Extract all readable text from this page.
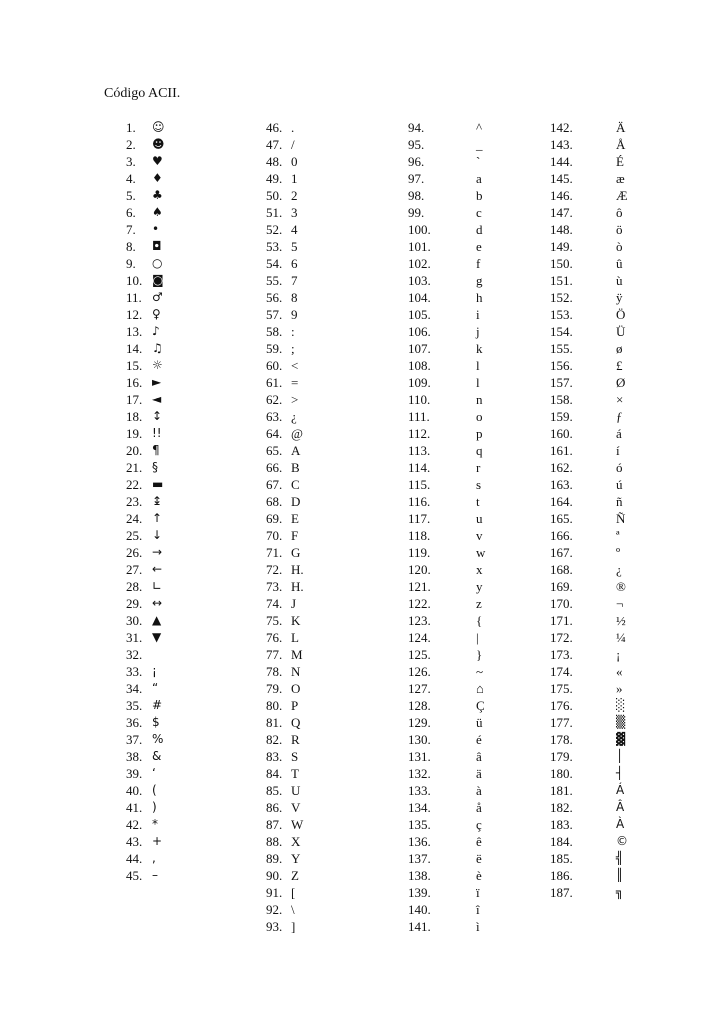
Código ACII.
1. ☺
2. ☻
3. ♥
4. ♦
5. ♣
6. ♠
7. •
8. ◘
9. ○
10. ◙
11. ♂
12. ♀
13. ♪
14. ♫
15. ☼
16. ►
17. ◄
18. ↕
19. !!
20. ¶
21. §
22. ▬
23. ↨
24. ↑
25. ↓
26. →
27. ←
28. ∟
29. ↔
30. ▲
31. ▼
32.
33. ¡
34. “
35. #
36. $
37. %
38. &
39. ‘
40. (
41. )
42. *
43. +
44. ,
45. –
46. .
47. /
48. 0
49. 1
50. 2
51. 3
52. 4
53. 5
54. 6
55. 7
56. 8
57. 9
58. :
59. ;
60. <
61. =
62. >
63. ¿
64. @
65. A
66. B
67. C
68. D
69. E
70. F
71. G
72. H.
73. H.
74. J
75. K
76. L
77. M
78. N
79. O
80. P
81. Q
82. R
83. S
84. T
85. U
86. V
87. W
88. X
89. Y
90. Z
91. [
92. \
93. ]
94.	^
95.	_
96.	`
97.	a
98.	b
99.	c
100.	d
101.	e
102.	f
103.	g
104.	h
105.	i
106.	j
107.	k
108.	l
109.	l
110.	n
111.	o
112.	p
113.	q
114.	r
115.	s
116.	t
117.	u
118.	v
119.	w
120.	x
121.	y
122.	z
123.	{
124.	|
125.	}
126.	~
127.	⌂
128.	Ç
129.	ü
130.	é
131.	â
132.	ä
133.	à
134.	å
135.	ç
136.	ê
137.	ë
138.	è
139.	ï
140.	î
141.	ì
142.	Ä
143.	Å
144.	É
145.	æ
146.	Æ
147.	ô
148.	ö
149.	ò
150.	û
151.	ù
152.	ÿ
153.	Ö
154.	Ü
155.	ø
156.	£
157.	Ø
158.	×
159.	ƒ
160.	á
161.	í
162.	ó
163.	ú
164.	ñ
165.	Ñ
166.	ª
167.	º
168.	¿
169.	®
170.	¬
171.	½
172.	¼
173.	¡
174.	«
175.	»
176.	░
177.	▒
178.	▓
179.	│
180.	┤
181.	Á
182.	Â
183.	À
184.	©
185.	╣
186.	║
187.	╗
